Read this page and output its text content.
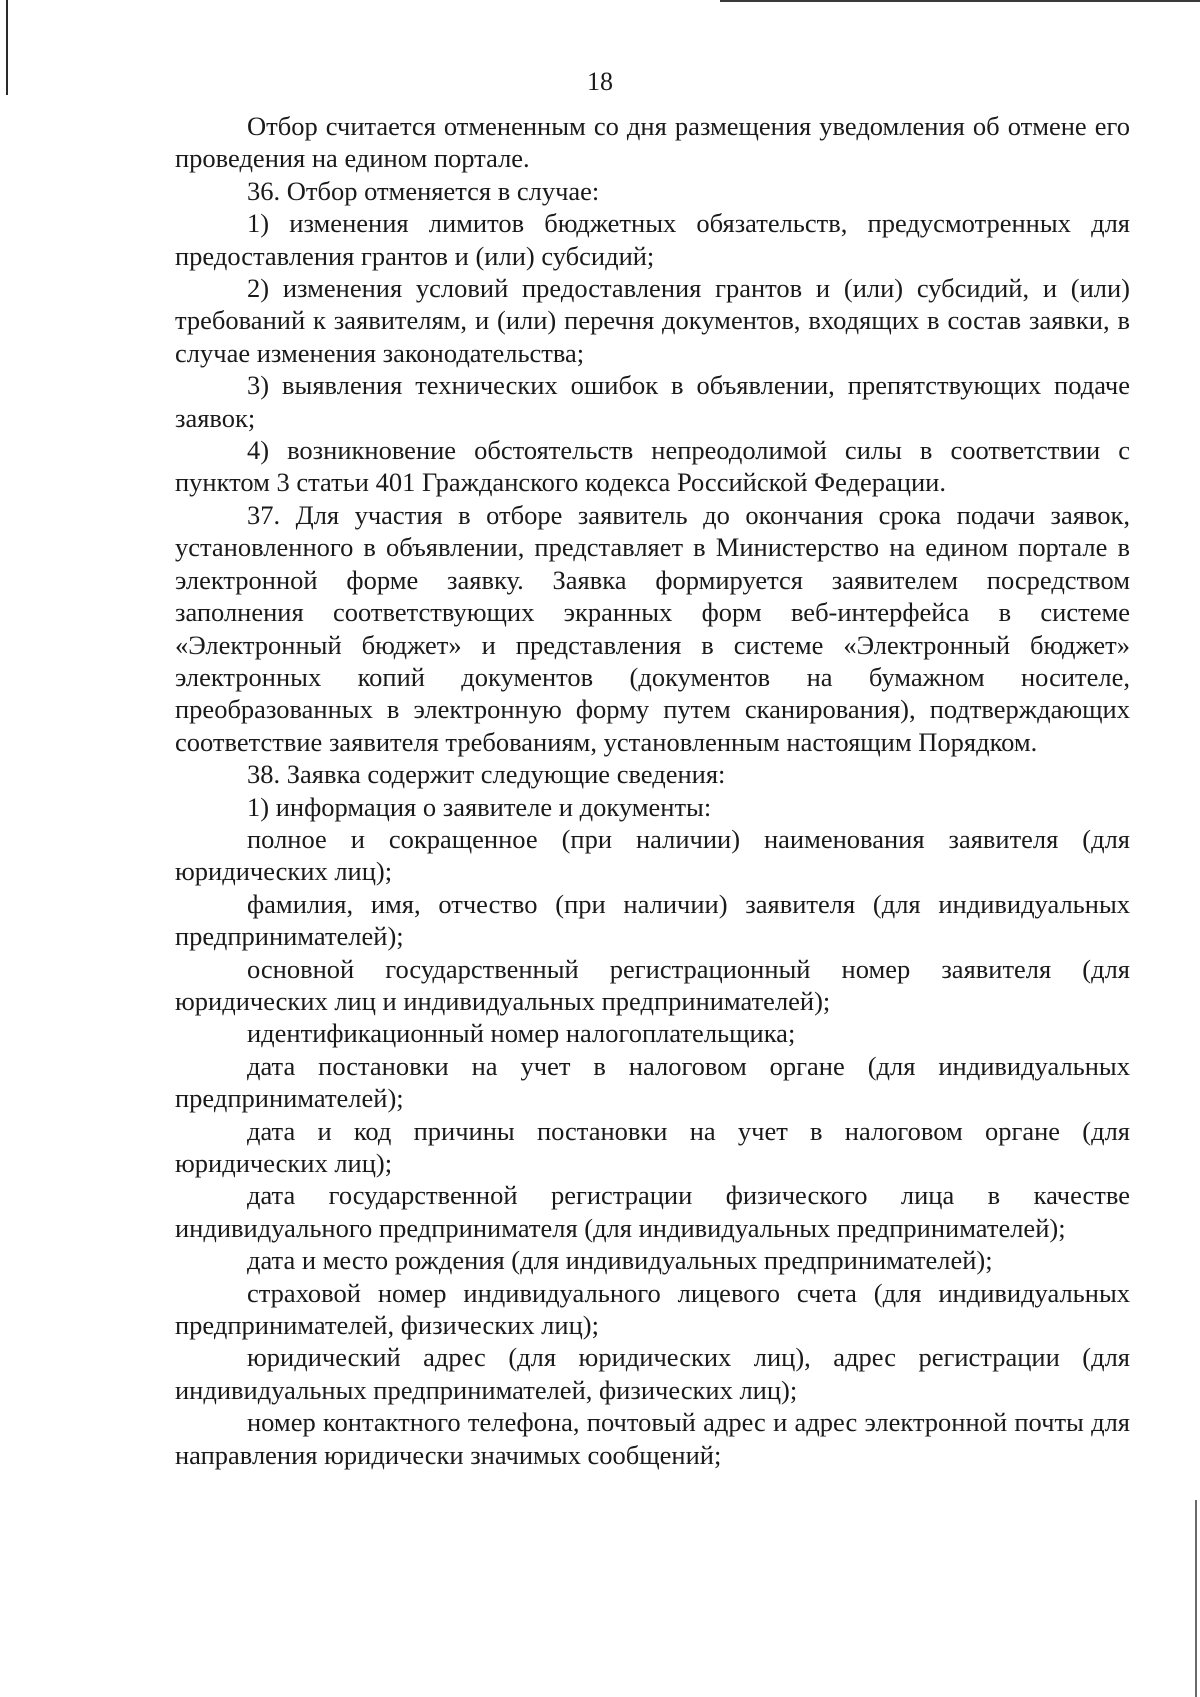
18

Отбор считается отмененным со дня размещения уведомления об отмене его проведения на едином портале.

36. Отбор отменяется в случае:

1) изменения лимитов бюджетных обязательств, предусмотренных для предоставления грантов и (или) субсидий;

2) изменения условий предоставления грантов и (или) субсидий, и (или) требований к заявителям, и (или) перечня документов, входящих в состав заявки, в случае изменения законодательства;

3) выявления технических ошибок в объявлении, препятствующих подаче заявок;

4) возникновение обстоятельств непреодолимой силы в соответствии с пунктом 3 статьи 401 Гражданского кодекса Российской Федерации.

37. Для участия в отборе заявитель до окончания срока подачи заявок, установленного в объявлении, представляет в Министерство на едином портале в электронной форме заявку. Заявка формируется заявителем посредством заполнения соответствующих экранных форм веб-интерфейса в системе «Электронный бюджет» и представления в системе «Электронный бюджет» электронных копий документов (документов на бумажном носителе, преобразованных в электронную форму путем сканирования), подтверждающих соответствие заявителя требованиям, установленным настоящим Порядком.

38. Заявка содержит следующие сведения:

1) информация о заявителе и документы:

полное и сокращенное (при наличии) наименования заявителя (для юридических лиц);

фамилия, имя, отчество (при наличии) заявителя (для индивидуальных предпринимателей);

основной государственный регистрационный номер заявителя (для юридических лиц и индивидуальных предпринимателей);

идентификационный номер налогоплательщика;

дата постановки на учет в налоговом органе (для индивидуальных предпринимателей);

дата и код причины постановки на учет в налоговом органе (для юридических лиц);

дата государственной регистрации физического лица в качестве индивидуального предпринимателя (для индивидуальных предпринимателей);

дата и место рождения (для индивидуальных предпринимателей);

страховой номер индивидуального лицевого счета (для индивидуальных предпринимателей, физических лиц);

юридический адрес (для юридических лиц), адрес регистрации (для индивидуальных предпринимателей, физических лиц);

номер контактного телефона, почтовый адрес и адрес электронной почты для направления юридически значимых сообщений;
